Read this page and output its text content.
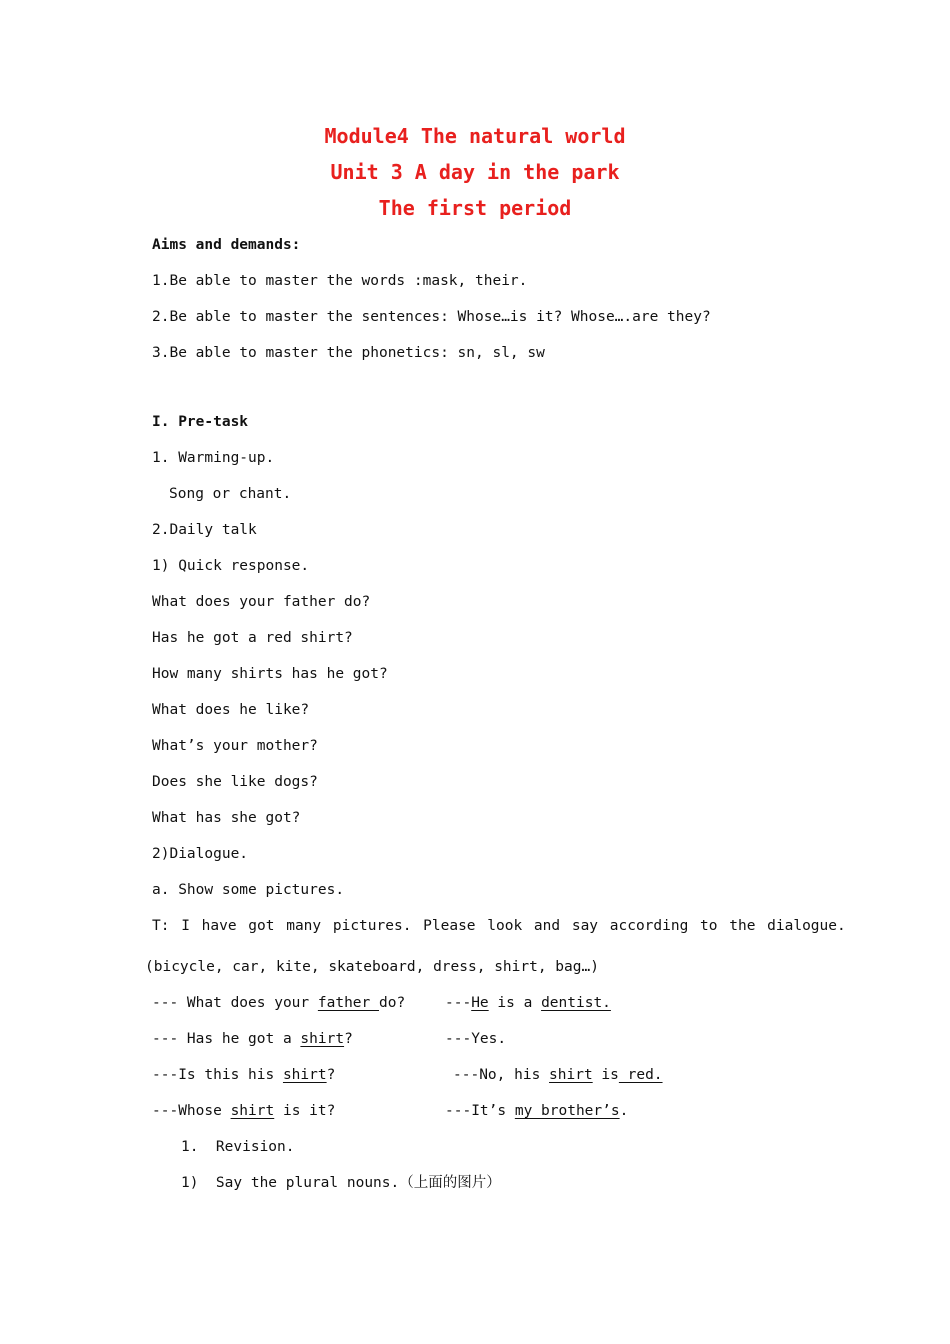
Module4 The natural world
Unit 3 A day in the park
The first period
Aims and demands:
1.Be able to master the words :mask, their.
2.Be able to master the sentences: Whose…is it? Whose….are they?
3.Be able to master the phonetics: sn, sl, sw
I. Pre-task
1. Warming-up.
Song or chant.
2.Daily talk
1) Quick response.
What does your father do?
Has he got a red shirt?
How many shirts has he got?
What does he like?
What’s your mother?
Does she like dogs?
What has she got?
2)Dialogue.
a. Show some pictures.
T: I have got many pictures. Please look and say according to the dialogue.
(bicycle, car, kite, skateboard, dress, shirt, bag…)
--- What does your father do?	---He is a dentist.
--- Has he got a shirt?	---Yes.
---Is this his shirt?	---No, his shirt is red.
---Whose shirt is it?	---It’s my brother’s.
1.  Revision.
1)  Say the plural nouns.（上面的图片）
